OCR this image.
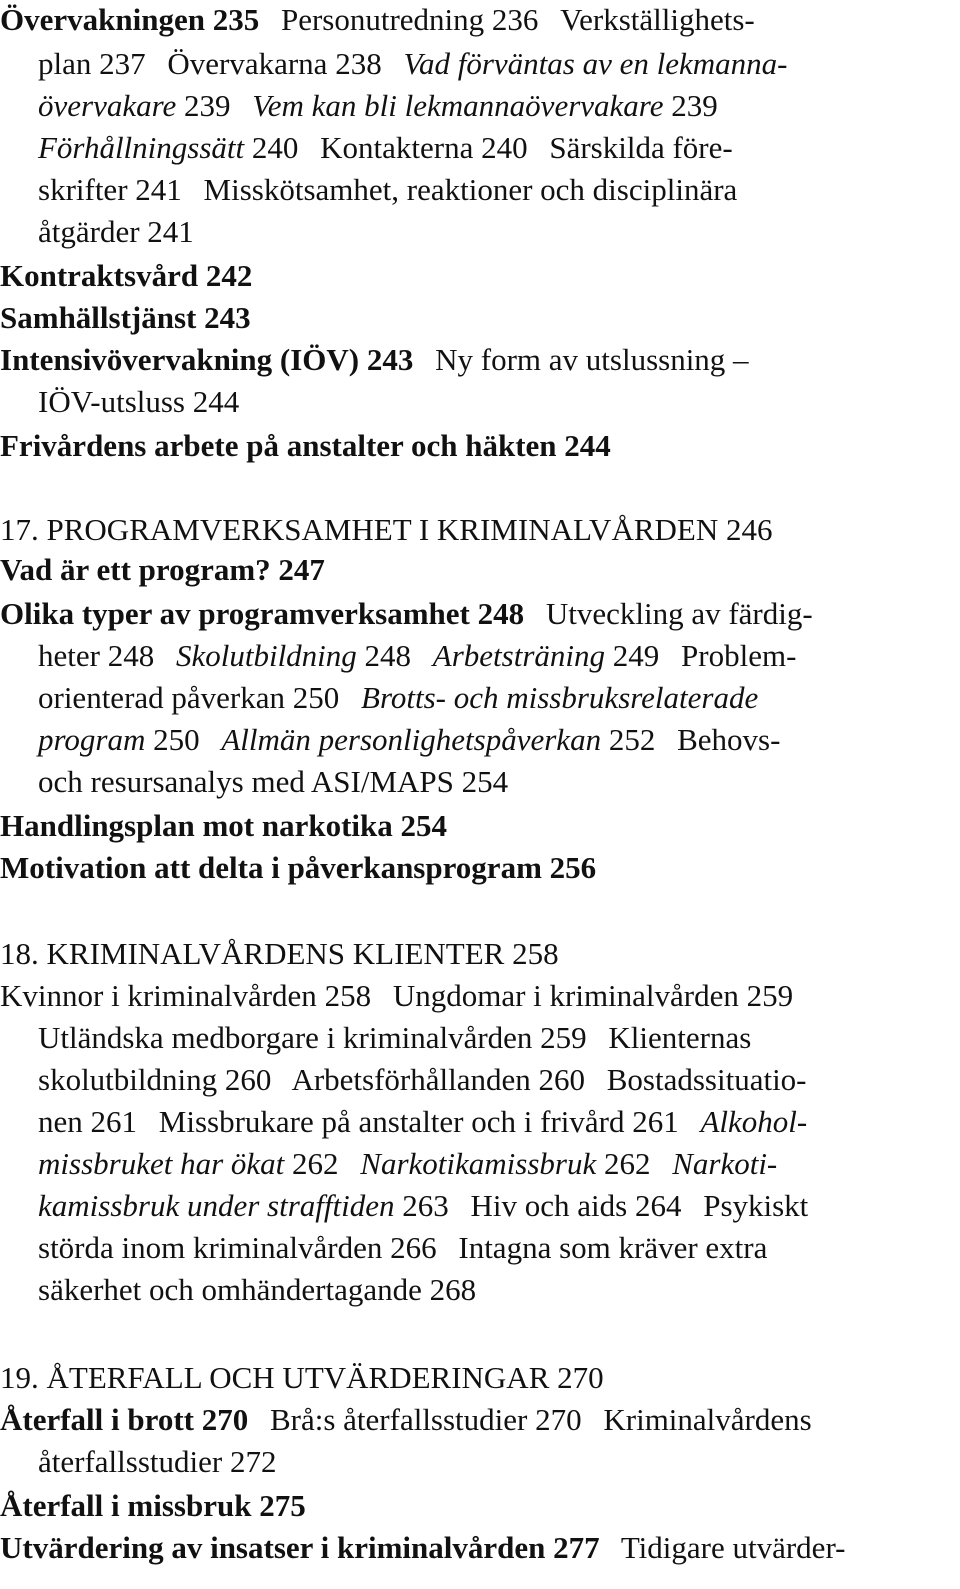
Övervakningen 235 Personutredning 236 Verkställighets-
plan 237 Övervakarna 238 Vad förväntas av en lekmanna-
övervakare 239 Vem kan bli lekmannaövervakare 239
Förhållningssätt 240 Kontakterna 240 Särskilda före-
skrifter 241 Misskötsamhet, reaktioner och disciplinära
åtgärder 241
Kontraktsvård 242
Samhällstjänst 243
Intensivövervakning (IÖV) 243 Ny form av utslussning –
IÖV-utsluss 244
Frivårdens arbete på anstalter och häkten 244
17. PROGRAMVERKSAMHET I KRIMINALVÅRDEN 246
Vad är ett program? 247
Olika typer av programverksamhet 248 Utveckling av färdig-
heter 248 Skolutbildning 248 Arbetsträning 249 Problem-
orienterad påverkan 250 Brotts- och missbruksrelaterade
program 250 Allmän personlighetspåverkan 252 Behovs-
och resursanalys med ASI/MAPS 254
Handlingsplan mot narkotika 254
Motivation att delta i påverkansprogram 256
18. KRIMINALVÅRDENS KLIENTER 258
Kvinnor i kriminalvården 258 Ungdomar i kriminalvården 259
Utländska medborgare i kriminalvården 259 Klienternas
skolutbildning 260 Arbetsförhållanden 260 Bostadssituatio-
nen 261 Missbrukare på anstalter och i frivård 261 Alkohol-
missbruket har ökat 262 Narkotikamissbruk 262 Narkoti-
kamissbruk under strafftiden 263 Hiv och aids 264 Psykiskt
störda inom kriminalvården 266 Intagna som kräver extra
säkerhet och omhändertagande 268
19. ÅTERFALL OCH UTVÄRDERINGAR 270
Återfall i brott 270 Brå:s återfallsstudier 270 Kriminalvårdens
återfallsstudier 272
Återfall i missbruk 275
Utvärdering av insatser i kriminalvården 277 Tidigare utvärder-
